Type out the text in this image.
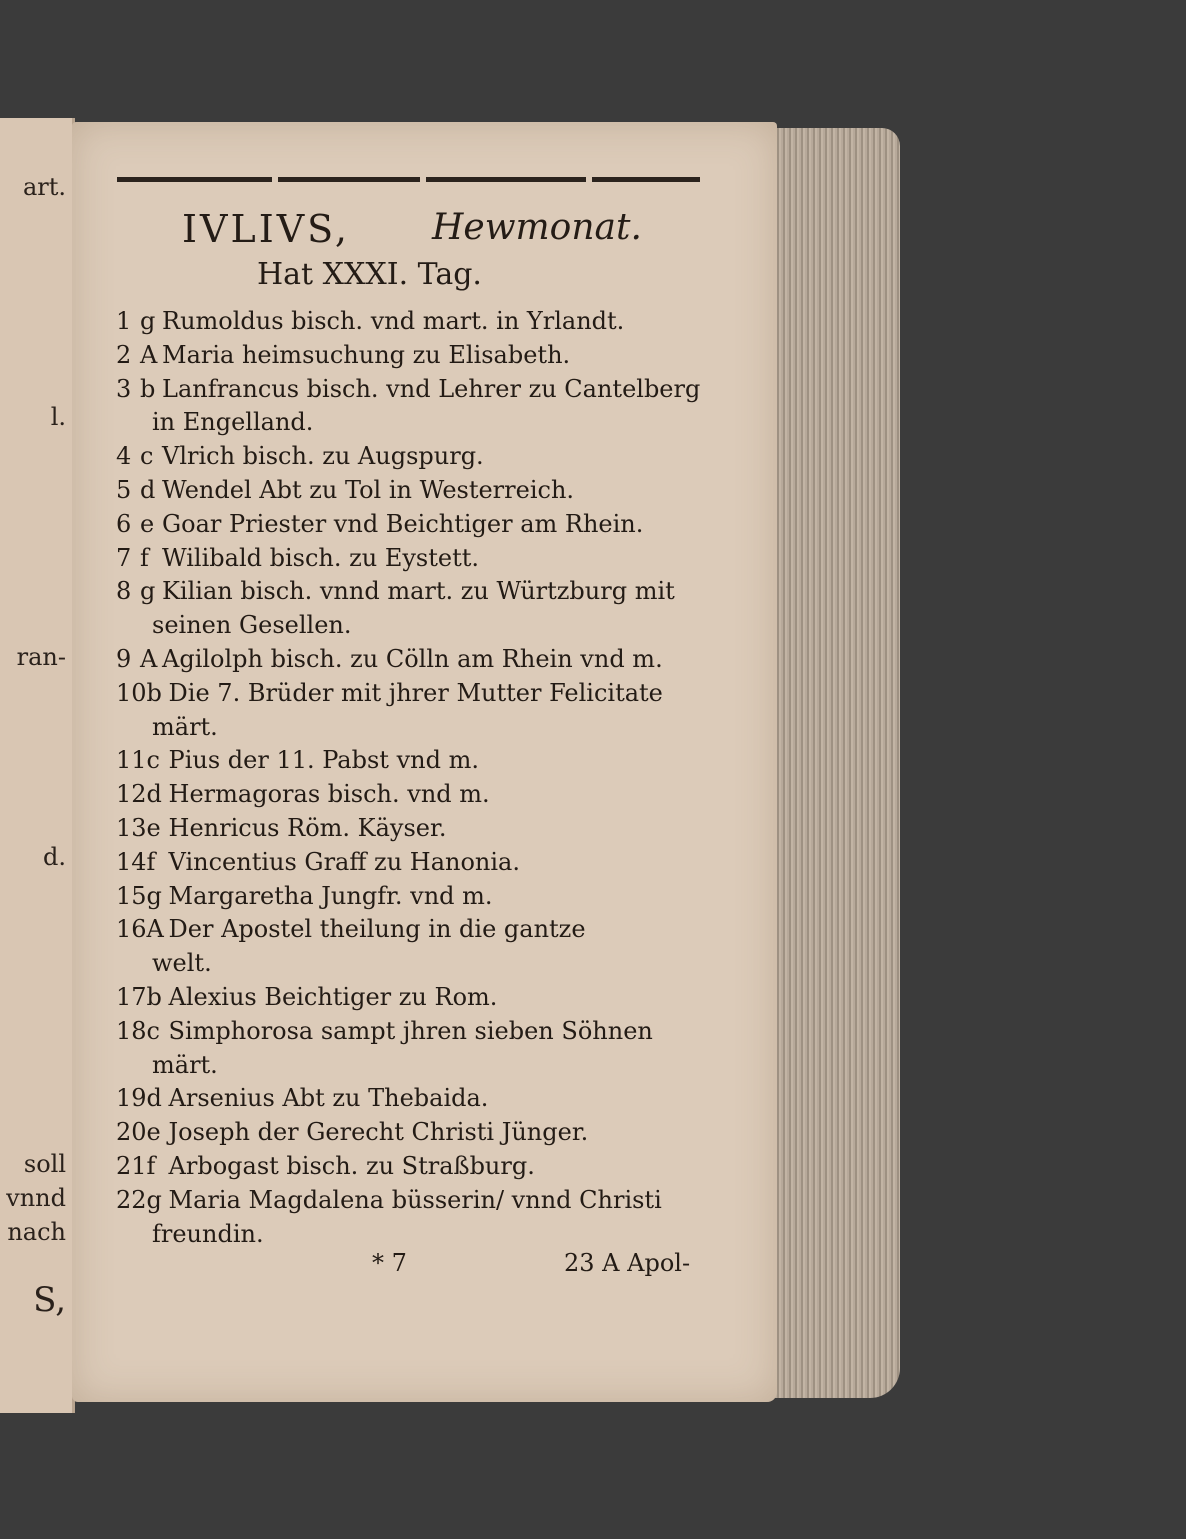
art.
l.
ran-
d.
soll
vnnd
nach
S,
IVLIVS, Hewmonat.
Hat XXXI. Tag.
1 g Rumoldus bisch. vnd mart. in Yrlandt.
2 A Maria heimsuchung zu Elisabeth.
3 b Lanfrancus bisch. vnd Lehrer zu Cantelberg
in Engelland.
4 c Vlrich bisch. zu Augspurg.
5 d Wendel Abt zu Tol in Westerreich.
6 e Goar Priester vnd Beichtiger am Rhein.
7 f Wilibald bisch. zu Eystett.
8 g Kilian bisch. vnnd mart. zu Würtzburg mit
seinen Gesellen.
9 A Agilolph bisch. zu Cölln am Rhein vnd m.
10b Die 7. Brüder mit jhrer Mutter Felicitate
märt.
11c Pius der 11. Pabst vnd m.
12d Hermagoras bisch. vnd m.
13e Henricus Röm. Käyser.
14f Vincentius Graff zu Hanonia.
15g Margaretha Jungfr. vnd m.
16A Der Apostel theilung in die gantze
welt.
17b Alexius Beichtiger zu Rom.
18c Simphorosa sampt jhren sieben Söhnen
märt.
19d Arsenius Abt zu Thebaida.
20e Joseph der Gerecht Christi Jünger.
21f Arbogast bisch. zu Straßburg.
22g Maria Magdalena büsserin/ vnnd Christi
freundin.
* 7	23 A Apol-
